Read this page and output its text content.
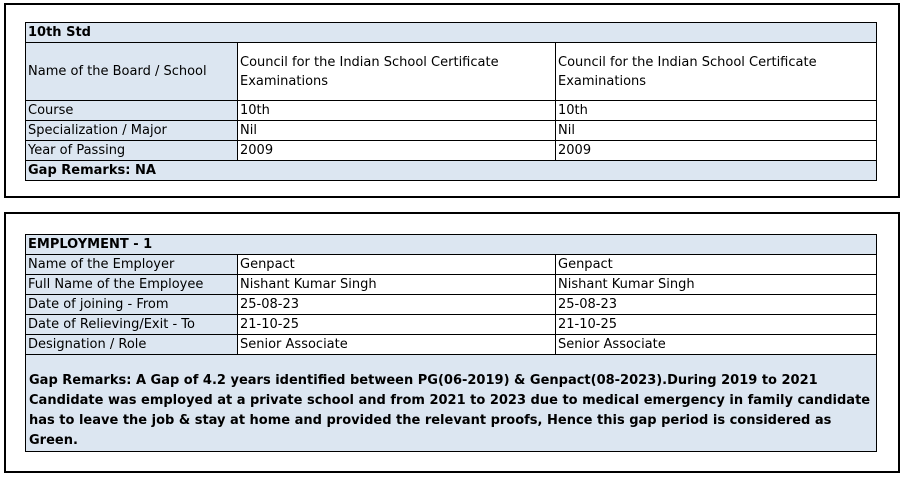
10th Std		
Name of the Board / School	Council for the Indian School Certificate Examinations	Council for the Indian School Certificate Examinations
Course	10th	10th
Specialization / Major	Nil	Nil
Year of Passing	2009	2009
Gap Remarks: NA		
EMPLOYMENT - 1		
Name of the Employer	Genpact	Genpact
Full Name of the Employee	Nishant Kumar Singh	Nishant Kumar Singh
Date of joining - From	25-08-23	25-08-23
Date of Relieving/Exit - To	21-10-25	21-10-25
Designation / Role	Senior Associate	Senior Associate
Gap Remarks: A Gap of 4.2 years identified between PG(06-2019) & Genpact(08-2023).During 2019 to 2021 Candidate was employed at a private school and from 2021 to 2023 due to medical emergency in family candidate has to leave the job & stay at home and provided the relevant proofs, Hence this gap period is considered as Green.		
